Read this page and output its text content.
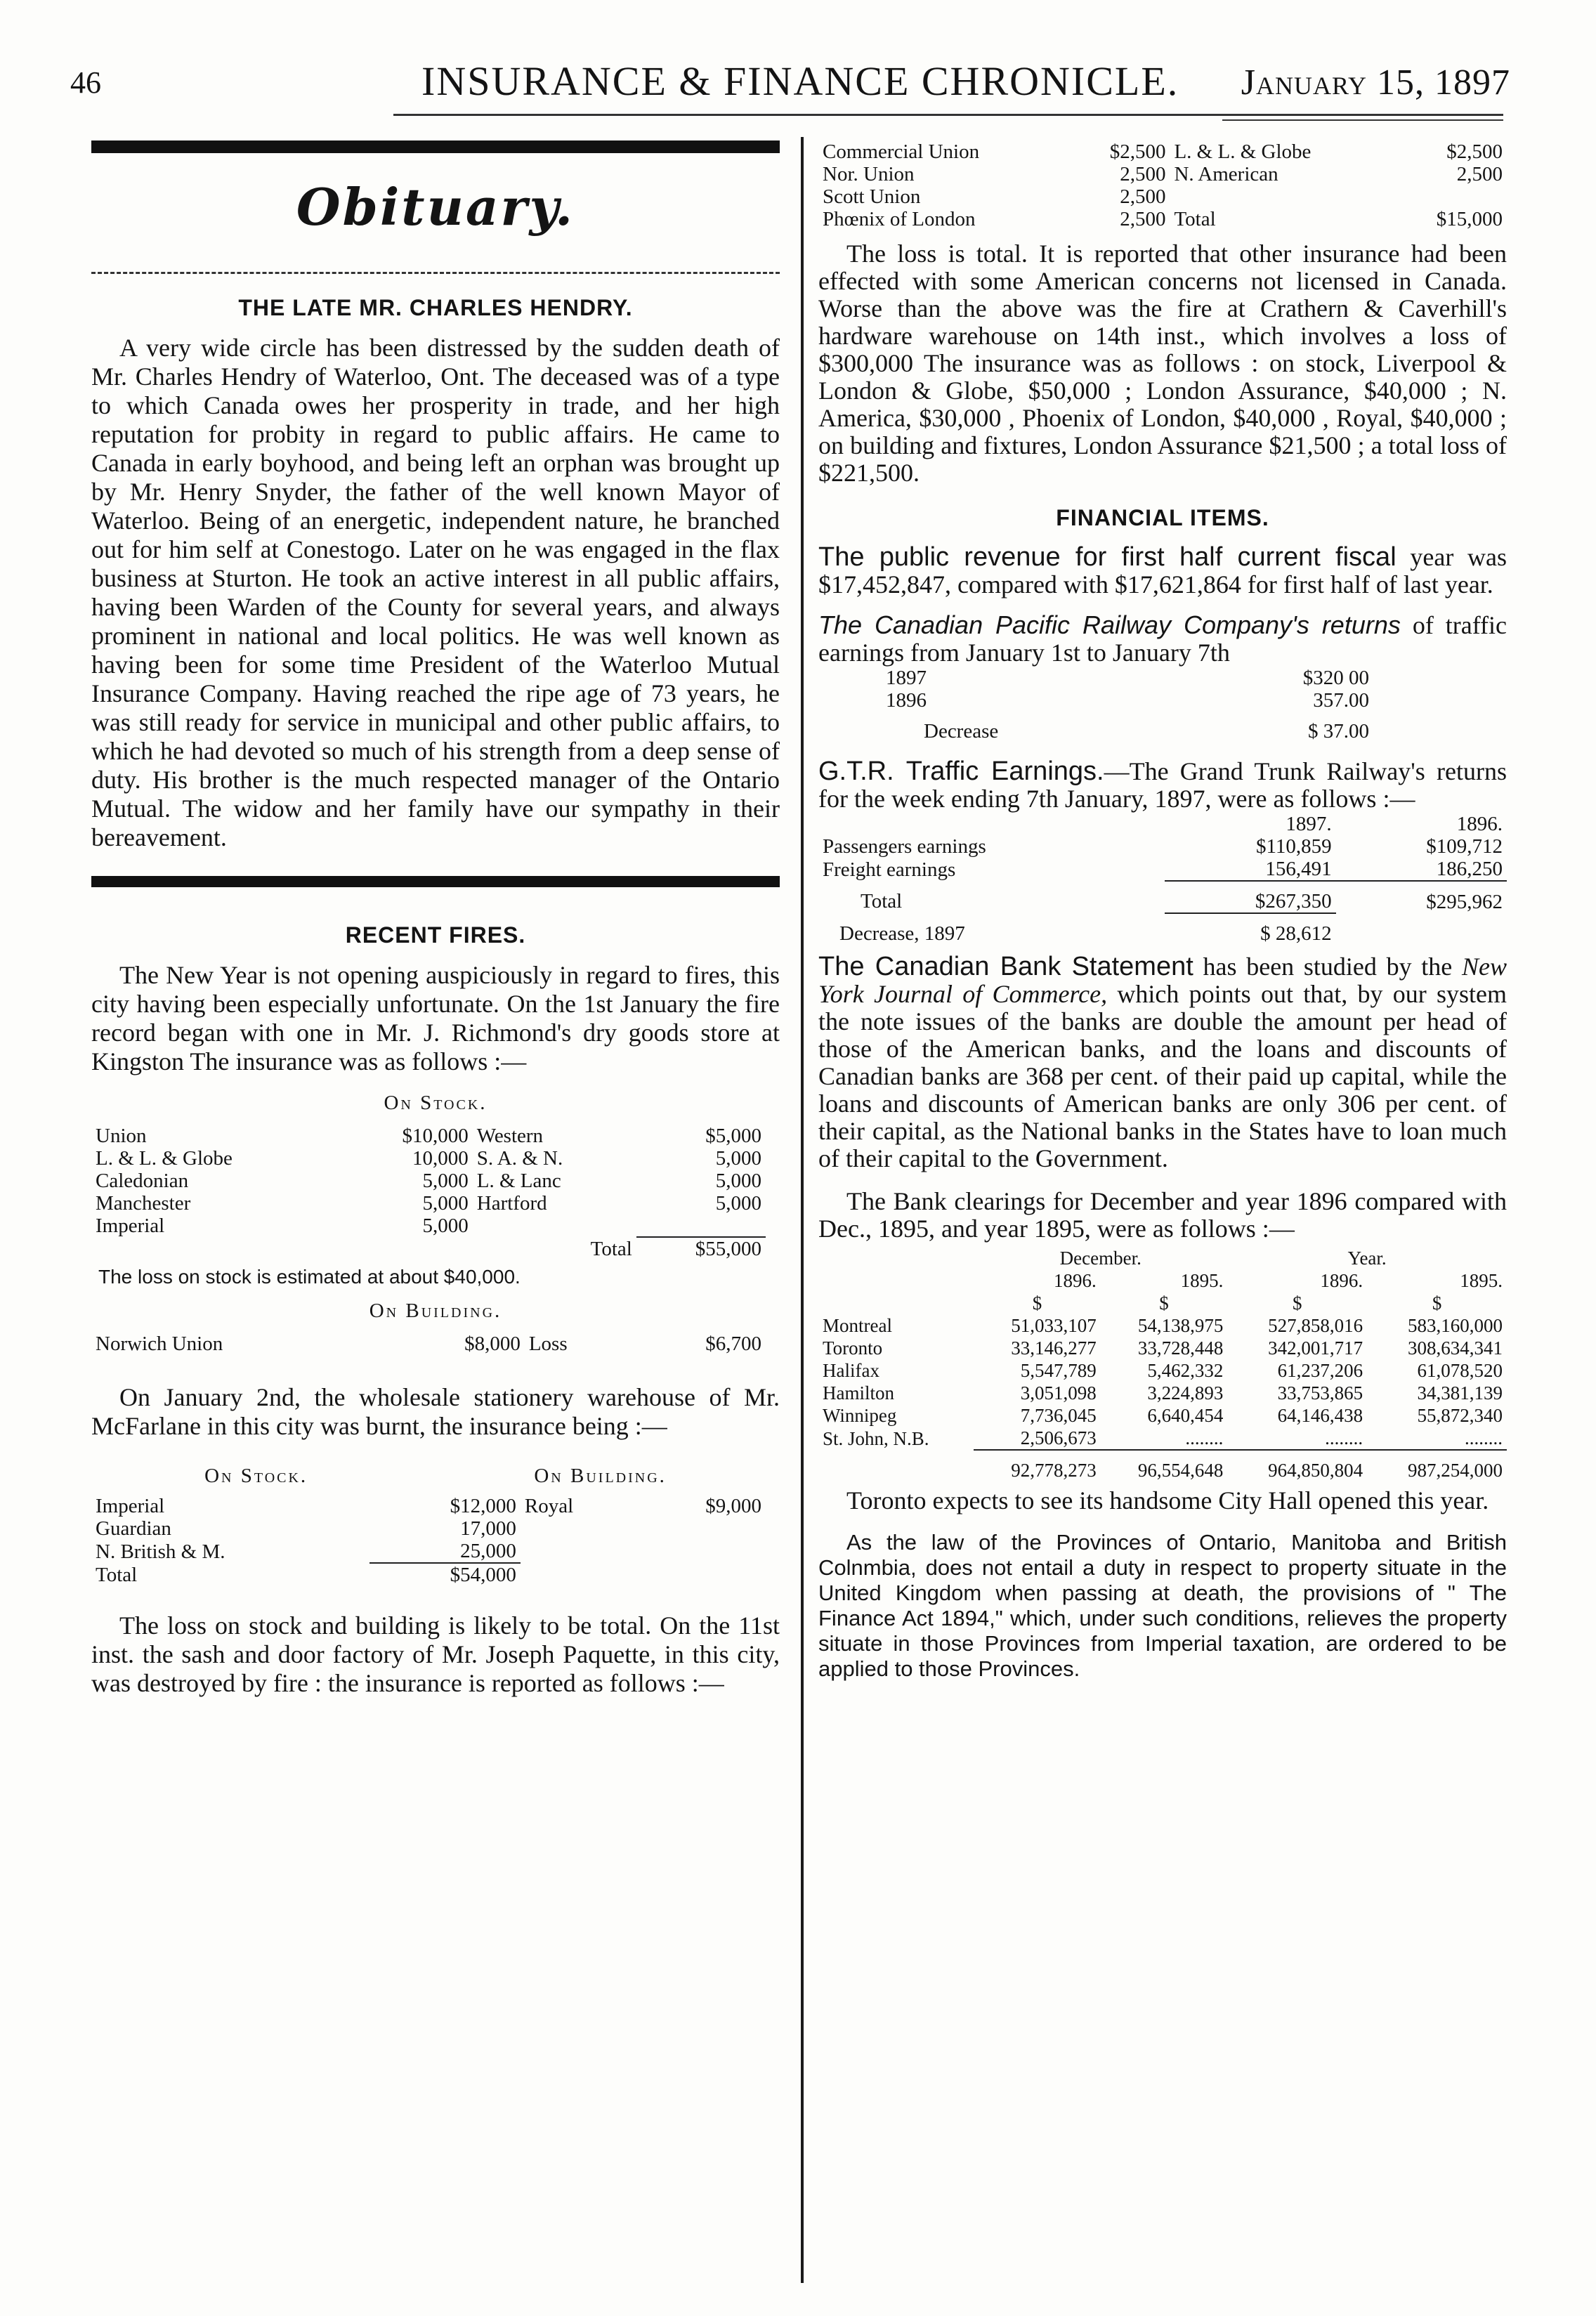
46	INSURANCE & FINANCE CHRONICLE. January 15, 1897
Obituary.
THE LATE MR. CHARLES HENDRY.

A very wide circle has been distressed by the sudden death of Mr. Charles Hendry of Waterloo, Ont. The deceased was of a type to which Canada owes her prosperity in trade, and her high reputation for probity in regard to public affairs. He came to Canada in early boyhood, and being left an orphan was brought up by Mr. Henry Snyder, the father of the well known Mayor of Waterloo. Being of an energetic, independent nature, he branched out for him self at Conestogo. Later on he was engaged in the flax business at Sturton. He took an active interest in all public affairs, having been Warden of the County for several years, and always prominent in national and local politics. He was well known as having been for some time President of the Waterloo Mutual Insurance Company. Having reached the ripe age of 73 years, he was still ready for service in municipal and other public affairs, to which he had devoted so much of his strength from a deep sense of duty. His brother is the much respected manager of the Ontario Mutual. The widow and her family have our sympathy in their bereavement.

RECENT FIRES.

The New Year is not opening auspiciously in regard to fires, this city having been especially unfortunate. On the 1st January the fire record began with one in Mr. J. Richmond's dry goods store at Kingston The insurance was as follows :—

On Stock.
Union	$10,000	Western	$5,000
L. & L. & Globe	10,000	S. A. & N.	5,000
Caledonian	5,000	L. & Lanc	5,000
Manchester	5,000	Hartford	5,000
Imperial	5,000		
		Total	$55,000
The loss on stock is estimated at about $40,000.
On Building.
Norwich Union	$8,000	Loss	$6,700

On January 2nd, the wholesale stationery warehouse of Mr. McFarlane in this city was burnt, the insurance being :—

On Stock.	On Building.
Imperial	$12,000	Royal	$9,000
Guardian	17,000		
N. British & M.	25,000		
Total	$54,000		

The loss on stock and building is likely to be total. On the 11st inst. the sash and door factory of Mr. Joseph Paquette, in this city, was destroyed by fire : the insurance is reported as follows :—

Commercial Union	$2,500	L. & L. & Globe	$2,500
Nor. Union	2,500	N. American	2,500
Scott Union	2,500		
Phœnix of London	2,500	Total	$15,000

The loss is total. It is reported that other insurance had been effected with some American concerns not licensed in Canada. Worse than the above was the fire at Crathern & Caverhill's hardware warehouse on 14th inst., which involves a loss of $300,000 The insurance was as follows : on stock, Liverpool & London & Globe, $50,000 ; London Assurance, $40,000 ; N. America, $30,000 , Phoenix of London, $40,000 , Royal, $40,000 ; on building and fixtures, London Assurance $21,500 ; a total loss of $221,500.

FINANCIAL ITEMS.

The public revenue for first half current fiscal year was $17,452,847, compared with $17,621,864 for first half of last year.

The Canadian Pacific Railway Company's returns of traffic earnings from January 1st to January 7th

1897	$320 00
1896	357.00
Decrease	$ 37.00

G.T.R. Traffic Earnings.—The Grand Trunk Railway's returns for the week ending 7th January, 1897, were as follows :—

	1897.	1896.
Passengers earnings	$110,859	$109,712
Freight earnings	156,491	186,250
Total	$267,350	$295,962
Decrease, 1897	$ 28,612	

The Canadian Bank Statement has been studied by the New York Journal of Commerce, which points out that, by our system the note issues of the banks are double the amount per head of those of the American banks, and the loans and discounts of Canadian banks are 368 per cent. of their paid up capital, while the loans and discounts of American banks are only 306 per cent. of their capital, as the National banks in the States have to loan much of their capital to the Government.

The Bank clearings for December and year 1896 compared with Dec., 1895, and year 1895, were as follows :—

	December.		Year.	
	1896.	1895.	1896.	1895.
	$	$	$	$
Montreal	51,033,107	54,138,975	527,858,016	583,160,000
Toronto	33,146,277	33,728,448	342,001,717	308,634,341
Halifax	5,547,789	5,462,332	61,237,206	61,078,520
Hamilton	3,051,098	3,224,893	33,753,865	34,381,139
Winnipeg	7,736,045	6,640,454	64,146,438	55,872,340
St. John, N.B.	2,506,673	........	........	........
	92,778,273	96,554,648	964,850,804	987,254,000

Toronto expects to see its handsome City Hall opened this year.

As the law of the Provinces of Ontario, Manitoba and British Colnmbia, does not entail a duty in respect to property situate in the United Kingdom when passing at death, the provisions of " The Finance Act 1894," which, under such conditions, relieves the property situate in those Provinces from Imperial taxation, are ordered to be applied to those Provinces.
